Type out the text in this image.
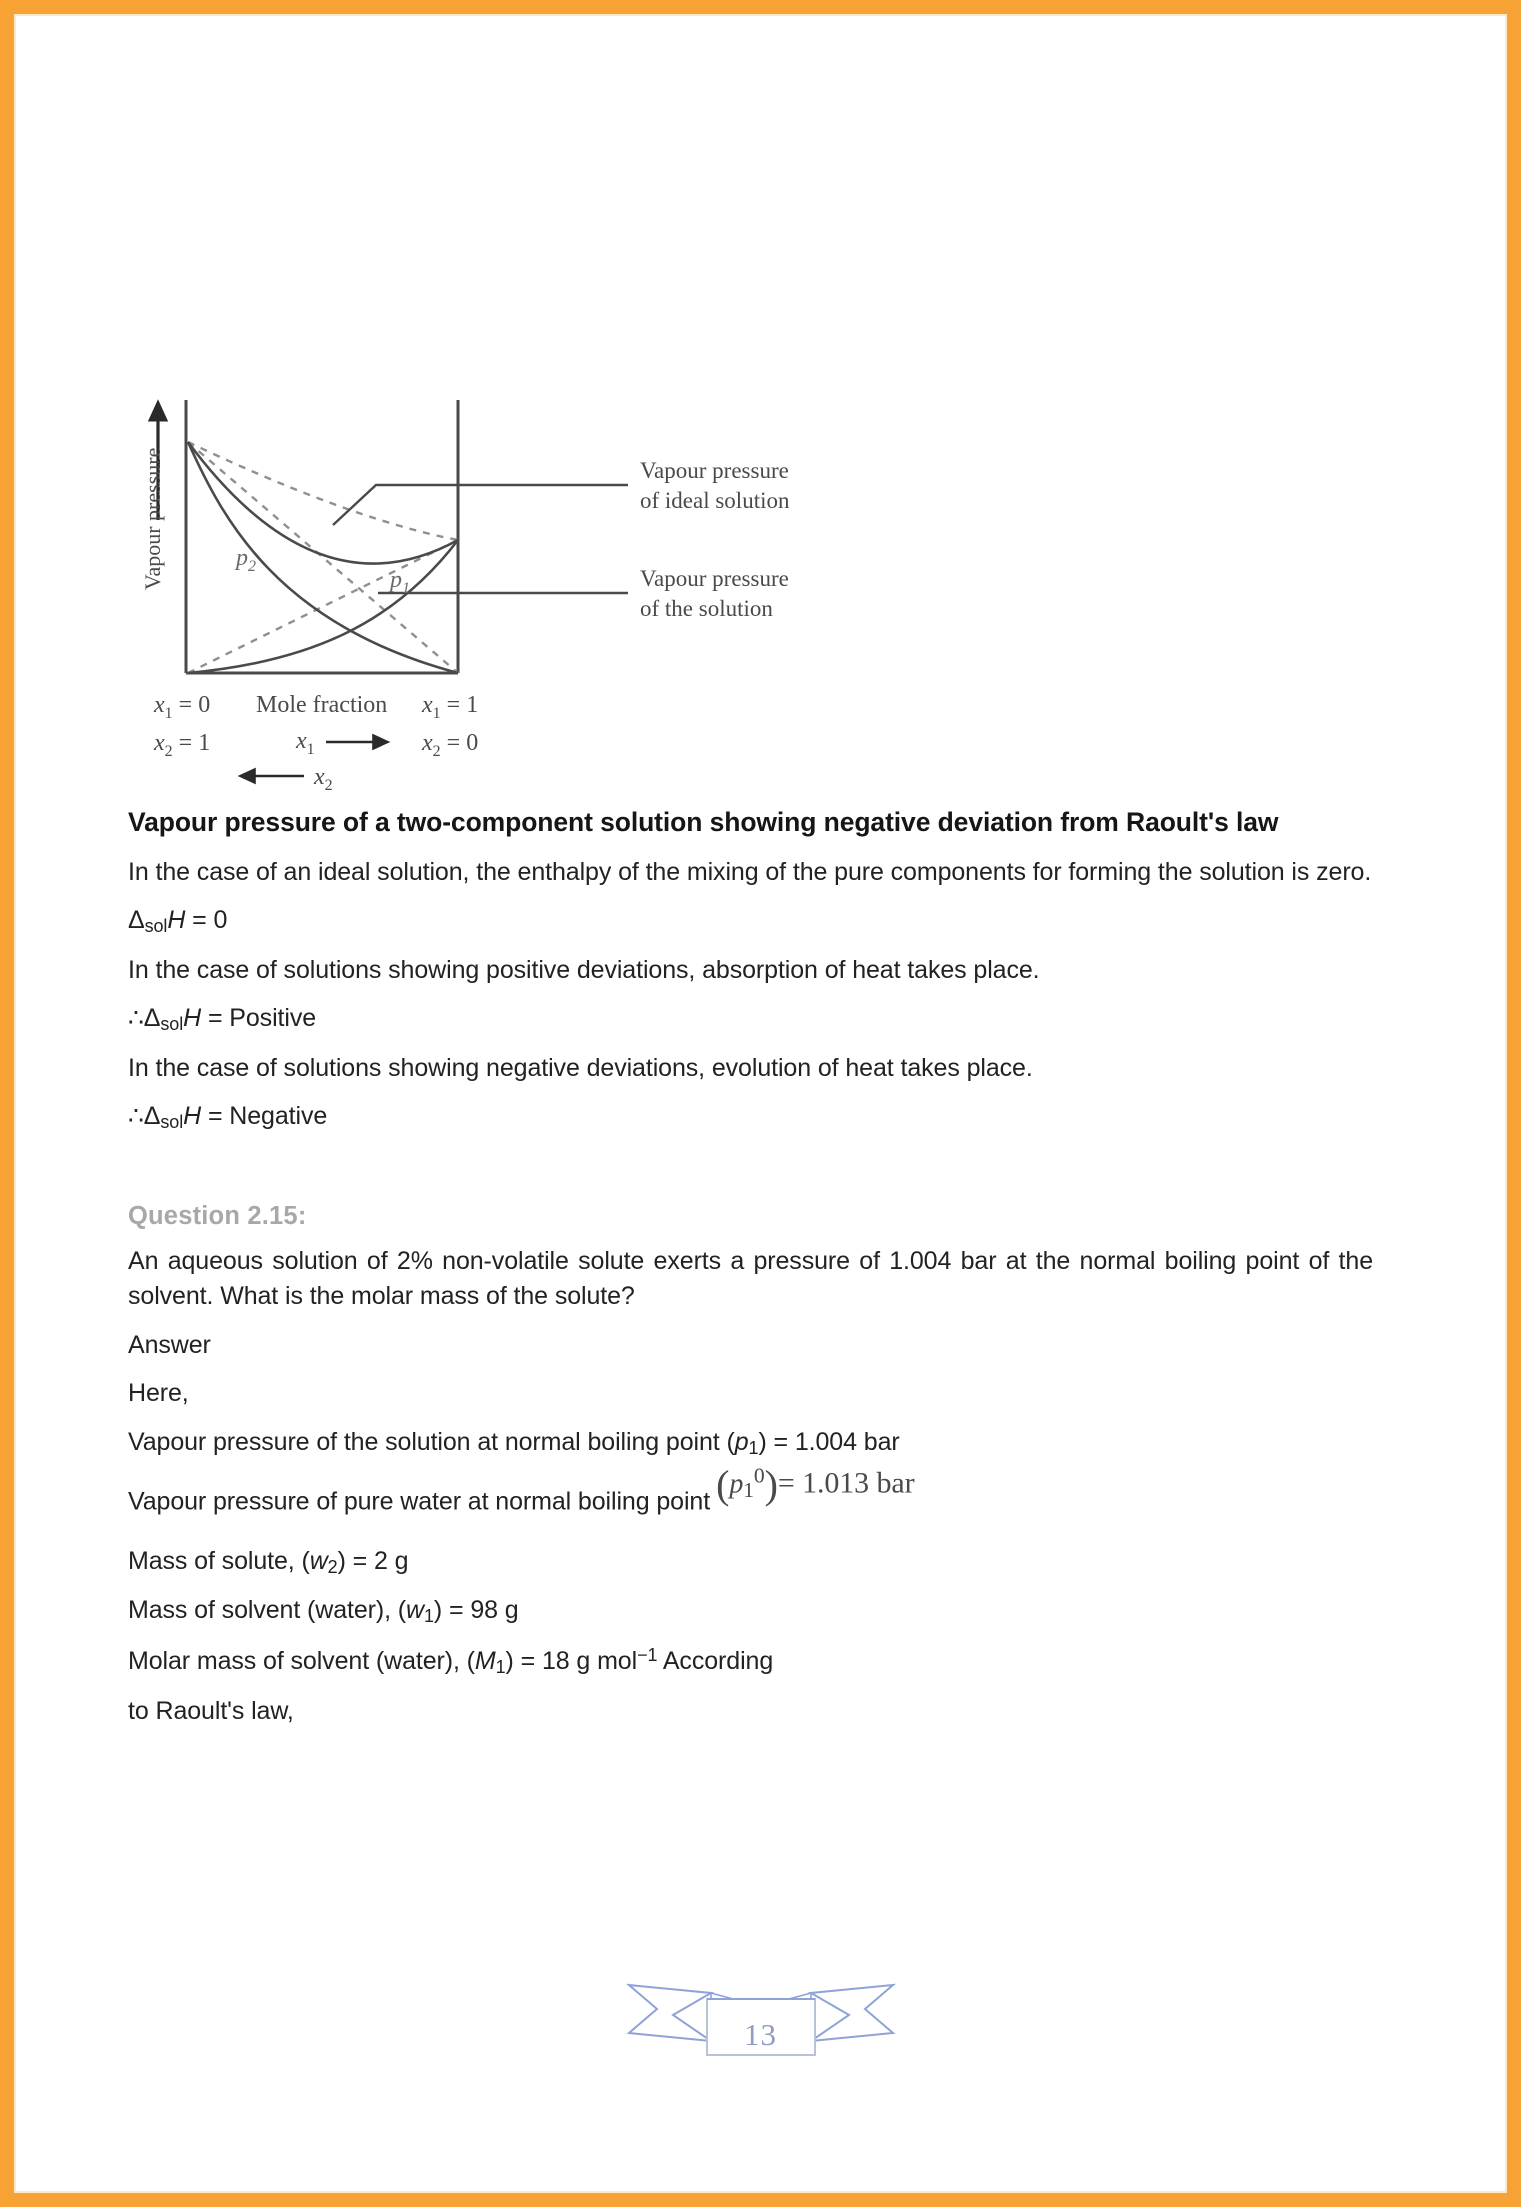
$p_2$
$p_1$
Vapour pressure	Vapour pressure
of ideal solution
Vapour pressure
of the solution
$x_1 = 0$ Mole fraction $x_1 = 1$
$x_2 = 1$	$x_1$	$x_2 = 0$
$x_2$
Vapour pressure of a two-component solution showing negative deviation from Raoult's law

In the case of an ideal solution, the enthalpy of the mixing of the pure components for forming the solution is zero.

$\Delta_{sol}H = 0$

In the case of solutions showing positive deviations, absorption of heat takes place.

$\therefore\Delta_{sol}H$ = Positive

In the case of solutions showing negative deviations, evolution of heat takes place.

$\therefore\Delta_{sol}H$ = Negative

Question 2.15:

An aqueous solution of 2% non-volatile solute exerts a pressure of 1.004 bar at the normal boiling point of the solvent. What is the molar mass of the solute?

Answer

Here,

Vapour pressure of the solution at normal boiling point $(p_1) = 1.004$ bar

Vapour pressure of pure water at normal boiling point $(p_1^0)= 1.013$ bar

Mass of solute, $(w_2) = 2$ g

Mass of solvent (water), $(w_1) = 98$ g

Molar mass of solvent (water), $(M_1) = 18$ g mol$^{-1}$ According

to Raoult's law,

13
